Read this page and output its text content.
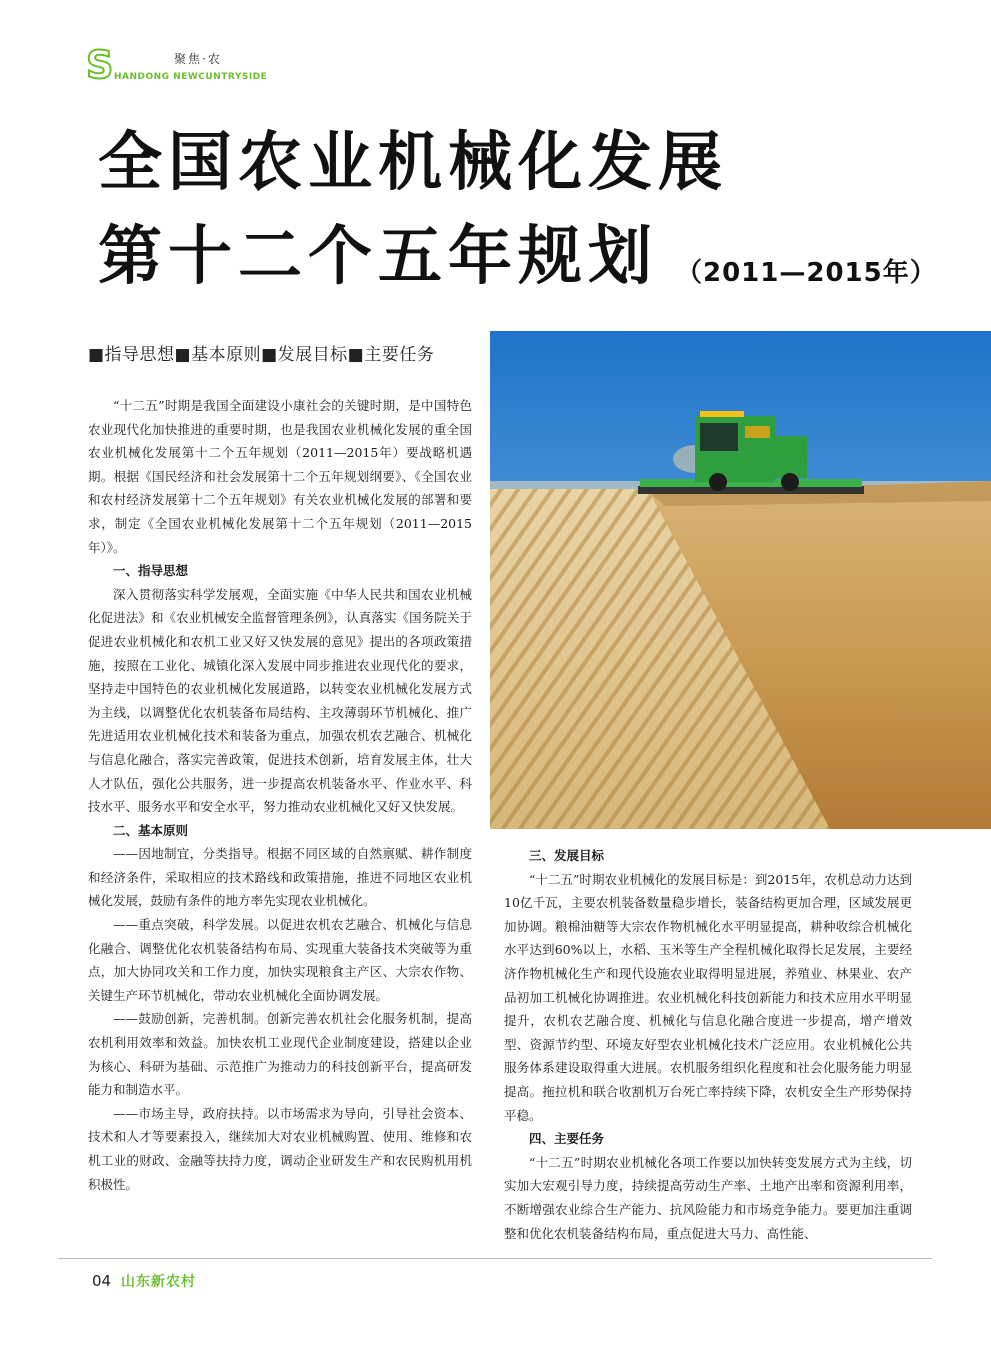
S	聚焦·农
HANDONG NEWCUNTRYSIDE
全国农业机械化发展
第十二个五年规划 （2011—2015年）
■指导思想■基本原则■发展目标■主要任务

“十二五”时期是我国全面建设小康社会的关键时期，是中国特色农业现代化加快推进的重要时期，也是我国农业机械化发展的重全国农业机械化发展第十二个五年规划（2011—2015年）要战略机遇期。根据《国民经济和社会发展第十二个五年规划纲要》、《全国农业和农村经济发展第十二个五年规划》有关农业机械化发展的部署和要求，制定《全国农业机械化发展第十二个五年规划（2011—2015年）》。

一、指导思想

深入贯彻落实科学发展观，全面实施《中华人民共和国农业机械化促进法》和《农业机械安全监督管理条例》，认真落实《国务院关于促进农业机械化和农机工业又好又快发展的意见》提出的各项政策措施，按照在工业化、城镇化深入发展中同步推进农业现代化的要求，坚持走中国特色的农业机械化发展道路，以转变农业机械化发展方式为主线，以调整优化农机装备布局结构、主攻薄弱环节机械化、推广先进适用农业机械化技术和装备为重点，加强农机农艺融合、机械化与信息化融合，落实完善政策，促进技术创新，培育发展主体，壮大人才队伍，强化公共服务，进一步提高农机装备水平、作业水平、科技水平、服务水平和安全水平，努力推动农业机械化又好又快发展。

二、基本原则

——因地制宜，分类指导。根据不同区域的自然禀赋、耕作制度和经济条件，采取相应的技术路线和政策措施，推进不同地区农业机械化发展，鼓励有条件的地方率先实现农业机械化。

——重点突破，科学发展。以促进农机农艺融合、机械化与信息化融合、调整优化农机装备结构布局、实现重大装备技术突破等为重点，加大协同攻关和工作力度，加快实现粮食主产区、大宗农作物、关键生产环节机械化，带动农业机械化全面协调发展。

——鼓励创新，完善机制。创新完善农机社会化服务机制，提高农机利用效率和效益。加快农机工业现代企业制度建设，搭建以企业为核心、科研为基础、示范推广为推动力的科技创新平台，提高研发能力和制造水平。

——市场主导，政府扶持。以市场需求为导向，引导社会资本、技术和人才等要素投入，继续加大对农业机械购置、使用、维修和农机工业的财政、金融等扶持力度，调动企业研发生产和农民购机用机积极性。

三、发展目标

“十二五”时期农业机械化的发展目标是：到2015年，农机总动力达到10亿千瓦，主要农机装备数量稳步增长，装备结构更加合理，区域发展更加协调。粮棉油糖等大宗农作物机械化水平明显提高，耕种收综合机械化水平达到60%以上，水稻、玉米等生产全程机械化取得长足发展，主要经济作物机械化生产和现代设施农业取得明显进展，养殖业、林果业、农产品初加工机械化协调推进。农业机械化科技创新能力和技术应用水平明显提升，农机农艺融合度、机械化与信息化融合度进一步提高，增产增效型、资源节约型、环境友好型农业机械化技术广泛应用。农业机械化公共服务体系建设取得重大进展。农机服务组织化程度和社会化服务能力明显提高。拖拉机和联合收割机万台死亡率持续下降，农机安全生产形势保持平稳。

四、主要任务

“十二五”时期农业机械化各项工作要以加快转变发展方式为主线，切实加大宏观引导力度，持续提高劳动生产率、土地产出率和资源利用率，不断增强农业综合生产能力、抗风险能力和市场竞争能力。要更加注重调整和优化农机装备结构布局，重点促进大马力、高性能、

04 山东新农村
